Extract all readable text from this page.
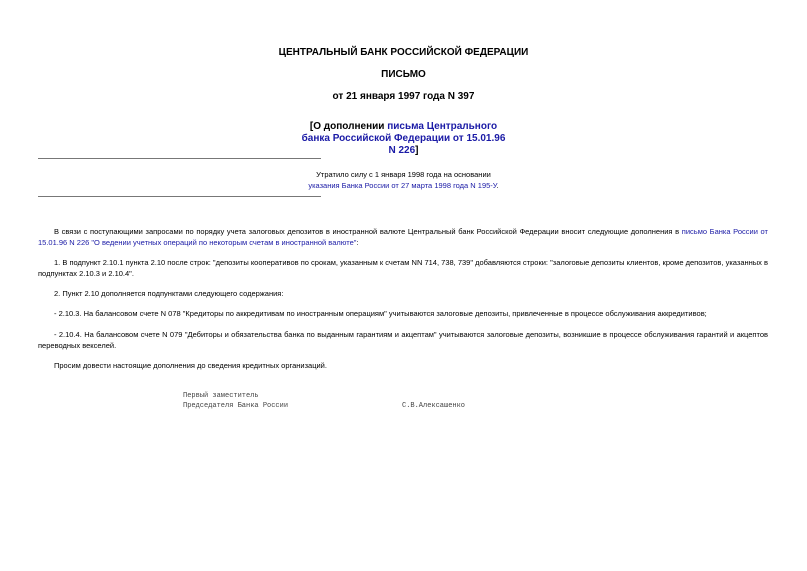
ЦЕНТРАЛЬНЫЙ БАНК РОССИЙСКОЙ ФЕДЕРАЦИИ
ПИСЬМО
от 21 января 1997 года N 397
[О дополнении письма Центрального банка Российской Федерации от 15.01.96 N 226]
Утратило силу с 1 января 1998 года на основании
указания Банка России от 27 марта 1998 года N 195-У.
В связи с поступающими запросами по порядку учета залоговых депозитов в иностранной валюте Центральный банк Российской Федерации вносит следующие дополнения в письмо Банка России от 15.01.96 N 226 "О ведении учетных операций по некоторым счетам в иностранной валюте":
1. В подпункт 2.10.1 пункта 2.10 после строк: "депозиты кооперативов по срокам, указанным к счетам NN 714, 738, 739" добавляются строки: "залоговые депозиты клиентов, кроме депозитов, указанных в подпунктах 2.10.3 и 2.10.4".
2. Пункт 2.10 дополняется подпунктами следующего содержания:
- 2.10.3. На балансовом счете N 078 "Кредиторы по аккредитивам по иностранным операциям" учитываются залоговые депозиты, привлеченные в процессе обслуживания аккредитивов;
- 2.10.4. На балансовом счете N 079 "Дебиторы и обязательства банка по выданным гарантиям и акцептам" учитываются залоговые депозиты, возникшие в процессе обслуживания гарантий и акцептов переводных векселей.
Просим довести настоящие дополнения до сведения кредитных организаций.
Первый заместитель
Председателя Банка России	С.В.Алексашенко
